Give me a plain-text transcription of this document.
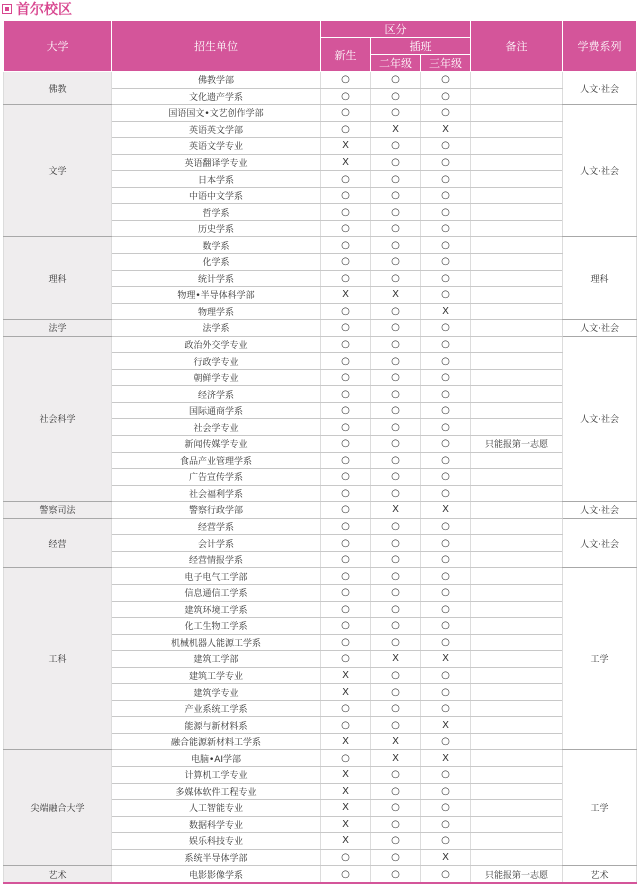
首尔校区
大学	招生单位	区分			备注	学费系列
		新生	插班			
			二年级	三年级		
佛教	佛教学部	○	○	○		人文·社会
	文化遗产学系	○	○	○		
文学	国语国文•文艺创作学部	○	○	○		人文·社会
	英语英文学部	○	X	X		
	英语文学专业	X	○	○		
	英语翻译学专业	X	○	○		
	日本学系	○	○	○		
	中语中文学系	○	○	○		
	哲学系	○	○	○		
	历史学系	○	○	○		
理科	数学系	○	○	○		理科
	化学系	○	○	○		
	统计学系	○	○	○		
	物理•半导体科学部	X	X	○		
	物理学系	○	○	X		
法学	法学系	○	○	○		人文·社会
社会科学	政治外交学专业	○	○	○		人文·社会
	行政学专业	○	○	○		
	朝鲜学专业	○	○	○		
	经济学系	○	○	○		
	国际通商学系	○	○	○		
	社会学专业	○	○	○		
	新闻传媒学专业	○	○	○	只能报第一志愿	
	食品产业管理学系	○	○	○		
	广告宣传学系	○	○	○		
	社会福利学系	○	○	○		
警察司法	警察行政学部	○	X	X		人文·社会
经营	经营学系	○	○	○		人文·社会
	会计学系	○	○	○		
	经营情报学系	○	○	○		
工科	电子电气工学部	○	○	○		工学
	信息通信工学系	○	○	○		
	建筑环境工学系	○	○	○		
	化工生物工学系	○	○	○		
	机械机器人能源工学系	○	○	○		
	建筑工学部	○	X	X		
	建筑工学专业	X	○	○		
	建筑学专业	X	○	○		
	产业系统工学系	○	○	○		
	能源与新材料系	○	○	X		
	融合能源新材料工学系	X	X	○		
尖端融合大学	电脑•AI学部	○	X	X		工学
	计算机工学专业	X	○	○		
	多媒体软件工程专业	X	○	○		
	人工智能专业	X	○	○		
	数据科学专业	X	○	○		
	娱乐科技专业	X	○	○		
	系统半导体学部	○	○	X		
艺术	电影影像学系	○	○	○	只能报第一志愿	艺术
